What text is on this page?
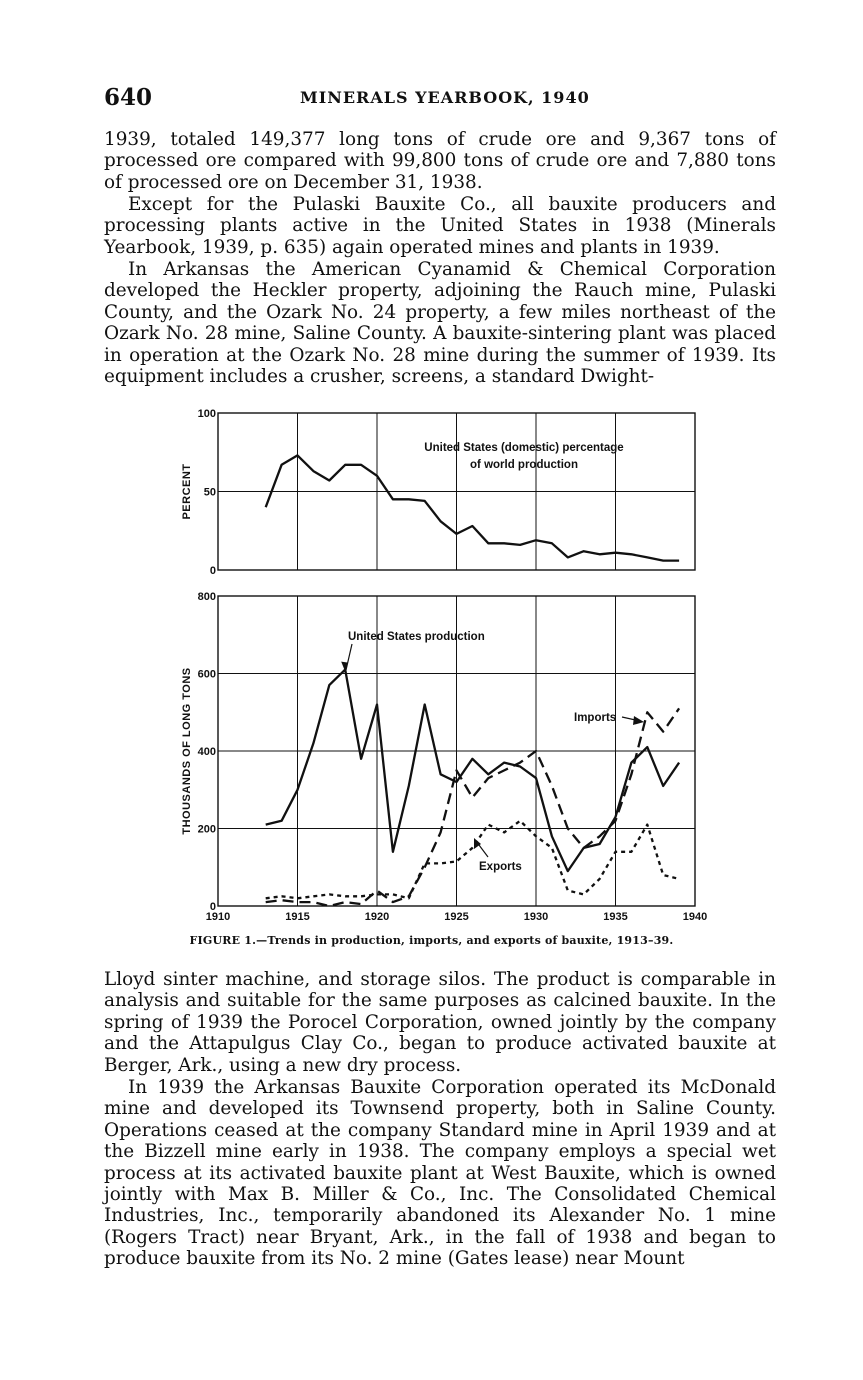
640	MINERALS YEARBOOK, 1940

1939, totaled 149,377 long tons of crude ore and 9,367 tons of processed ore compared with 99,800 tons of crude ore and 7,880 tons of processed ore on December 31, 1938.

Except for the Pulaski Bauxite Co., all bauxite producers and processing plants active in the United States in 1938 (Minerals Yearbook, 1939, p. 635) again operated mines and plants in 1939.

In Arkansas the American Cyanamid & Chemical Corporation developed the Heckler property, adjoining the Rauch mine, Pulaski County, and the Ozark No. 24 property, a few miles northeast of the Ozark No. 28 mine, Saline County. A bauxite-sintering plant was placed in operation at the Ozark No. 28 mine during the summer of 1939. Its equipment includes a crusher, screens, a standard Dwight-

0
50
100
PERCENT
0
200
400
600
800
THOUSANDS OF LONG TONS
1910	1915	1920	1925	1930	1935	1940
United States (domestic) percentage
of world production
United States production
Imports
Exports
FIGURE 1.—Trends in production, imports, and exports of bauxite, 1913–39.

Lloyd sinter machine, and storage silos. The product is comparable in analysis and suitable for the same purposes as calcined bauxite. In the spring of 1939 the Porocel Corporation, owned jointly by the company and the Attapulgus Clay Co., began to produce activated bauxite at Berger, Ark., using a new dry process.

In 1939 the Arkansas Bauxite Corporation operated its McDonald mine and developed its Townsend property, both in Saline County. Operations ceased at the company Standard mine in April 1939 and at the Bizzell mine early in 1938. The company employs a special wet process at its activated bauxite plant at West Bauxite, which is owned jointly with Max B. Miller & Co., Inc. The Consolidated Chemical Industries, Inc., temporarily abandoned its Alexander No. 1 mine (Rogers Tract) near Bryant, Ark., in the fall of 1938 and began to produce bauxite from its No. 2 mine (Gates lease) near Mount
